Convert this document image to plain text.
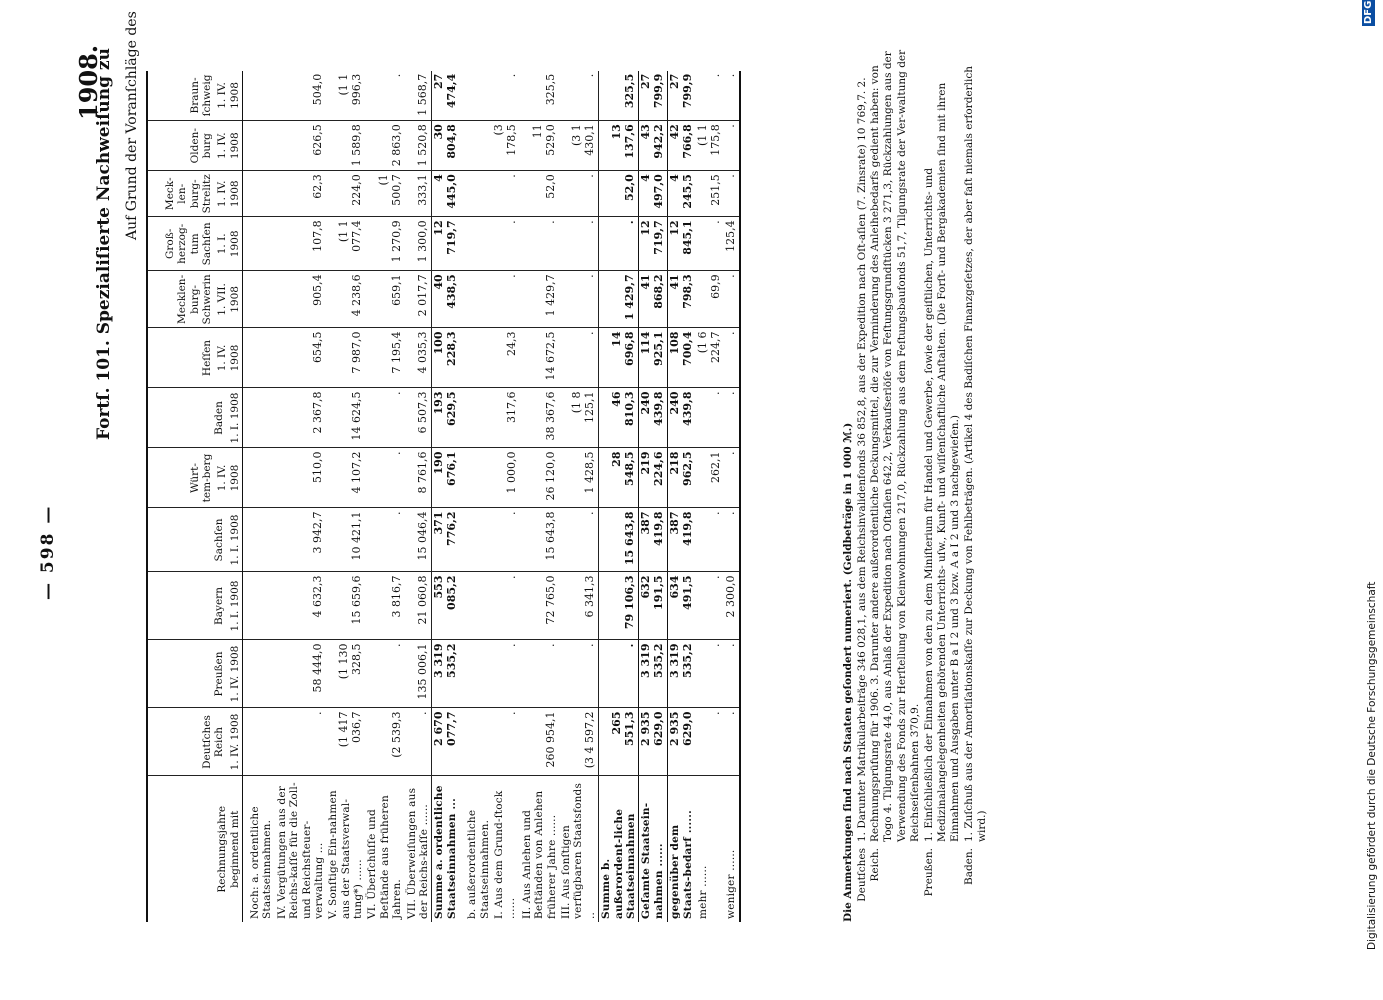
— 598 —
1908.
Fortſ. 101. Spezialiſierte Nachweiſung zu Auf Grund der Voranſchläge des
Rechnungsjahre beginnend mit	Deutſches Reich 1. IV. 1908	Preußen 1. IV. 1908	Bayern 1. I. 1908	Sachſen 1. I. 1908	Würt-tem-berg 1. IV. 1908	Baden 1. I. 1908	Heſſen 1. IV. 1908	Mecklen-burg-Schwerin 1. VII. 1908	Groß-herzog-tum Sachſen 1. I. 1908	Meck-len-burg-Strelitz 1. IV. 1908	Olden-burg 1. IV. 1908	Braun-ſchweig 1. IV. 1908

Noch: a. ordentliche Staatseinnahmen.												
IV. Vergütungen aus der Reichs-kaſſe für die Zoll- und Reichsſteuer-verwaltung ...	.	58 444,0	4 632,3	3 942,7	510,0	2 367,8	654,5	905,4	107,8	62,3	626,5	504,0
V. Sonſtige Ein-nahmen aus der Staatsverwal-tung*) ......	(1 417 036,7	(1 130 328,5	15 659,6	10 421,1	4 107,2	14 624,5	7 987,0	4 238,6	(1 1 077,4	224,0	1 589,8	(1 1 996,3
VI. Überſchüſſe und Beſtände aus früheren Jahren.	(2 539,3	.	3 816,7	.	.	.	7 195,4	659,1	1 270,9	(1 500,7	2 863,0	.
VII. Überweiſungen aus der Reichs-kaſſe ......	.	135 006,1	21 060,8	15 046,4	8 761,6	6 507,3	4 035,3	2 017,7	1 300,0	333,1	1 520,8	1 568,7
Summe a. ordentliche Staatseinnahmen ...	2 670 077,7	3 319 535,2	553 085,2	371 776,2	190 676,1	193 629,5	100 228,3	40 438,5	12 719,7	4 445,0	30 804,8	27 474,4
b. außerordentliche Staatseinnahmen.												
I. Aus dem Grund-ſtock ......	.	.	.	.	1 000,0	317,6	24,3	.	.	.	(3 178,5	.
II. Aus Anlehen und Beſtänden von Anlehen früherer Jahre ......	260 954,1	.	72 765,0	15 643,8	26 120,0	38 367,6	14 672,5	1 429,7	.	52,0	11 529,0	325,5
III. Aus ſonſtigen verfügbaren Staatsfonds ..	(3 4 597,2	.	6 341,3	.	1 428,5	(1 8 125,1	.	.	.	.	(3 1 430,1	.
Summe b. außerordent-liche Staatseinnahmen	265 551,3	.	79 106,3	15 643,8	28 548,5	46 810,3	14 696,8	1 429,7	.	52,0	13 137,6	325,5
Geſamte Staatsein-nahmen ......	2 935 629,0	3 319 535,2	632 191,5	387 419,8	219 224,6	240 439,8	114 925,1	41 868,2	12 719,7	4 497,0	43 942,2	27 799,9
gegenüber dem Staats-bedarf ......	2 935 629,0	3 319 535,2	634 491,5	387 419,8	218 962,5	240 439,8	108 700,4	41 798,3	12 845,1	4 245,5	42 766,8	27 799,9
mehr ......	.	.	.	.	262,1	.	(1 6 224,7	69,9	.	251,5	(1 1 175,8	.
weniger ......	.	.	2 300,0	.	.	.	.	.	125,4	.	.	.
Die Anmerkungen ſind nach Staaten geſondert numeriert. (Geldbeträge in 1 000 ℳ.) Deutſches Reich.
1. Darunter Matrikularbeiträge 346 028,1, aus dem Reichsinvalidenfonds 36 852,8, aus der Expedition nach Oſt-aſien (7. Zinsrate) 10 769,7. 2. Rechnungsprüfung für 1906. 3. Darunter andere außerordentliche Deckungsmittel, die zur Verminderung des Anleihebedarfs gedient haben: von Togo 4. Tilgungsrate 44,0, aus Anlaß der Expedition nach Oſtaſien 642,2, Verkaufserlöſe von Feſtungsgrundſtücken 3 271,3, Rückzahlungen aus der Verwendung des Fonds zur Herſtellung von Kleinwohnungen 217,0, Rückzahlung aus dem Feſtungsbaufonds 51,7, Tilgungsrate der Ver-waltung der Reichseiſenbahnen 370,9.
Preußen.
1. Einſchließlich der Einnahmen von den zu dem Miniſterium für Handel und Gewerbe, ſowie der geiſtlichen, Unterrichts- und Medizinalangelegenheiten gehörenden Unterrichts- uſw., Kunſt- und wiſſenſchaftliche Anſtalten. (Die Forſt- und Bergakademien ſind mit ihren Einnahmen und Ausgaben unter B a I 2 und 3 bzw. A a I 2 und 3 nachgewieſen.)
Baden.
1. Zuſchuß aus der Amortiſationskaſſe zur Deckung von Fehlbeträgen. (Artikel 4 des Badiſchen Finanzgeſetzes, der aber faſt niemals erforderlich wird.)	Digitalisierung gefördert durch die Deutsche Forschungsgemeinschaft
DFG
